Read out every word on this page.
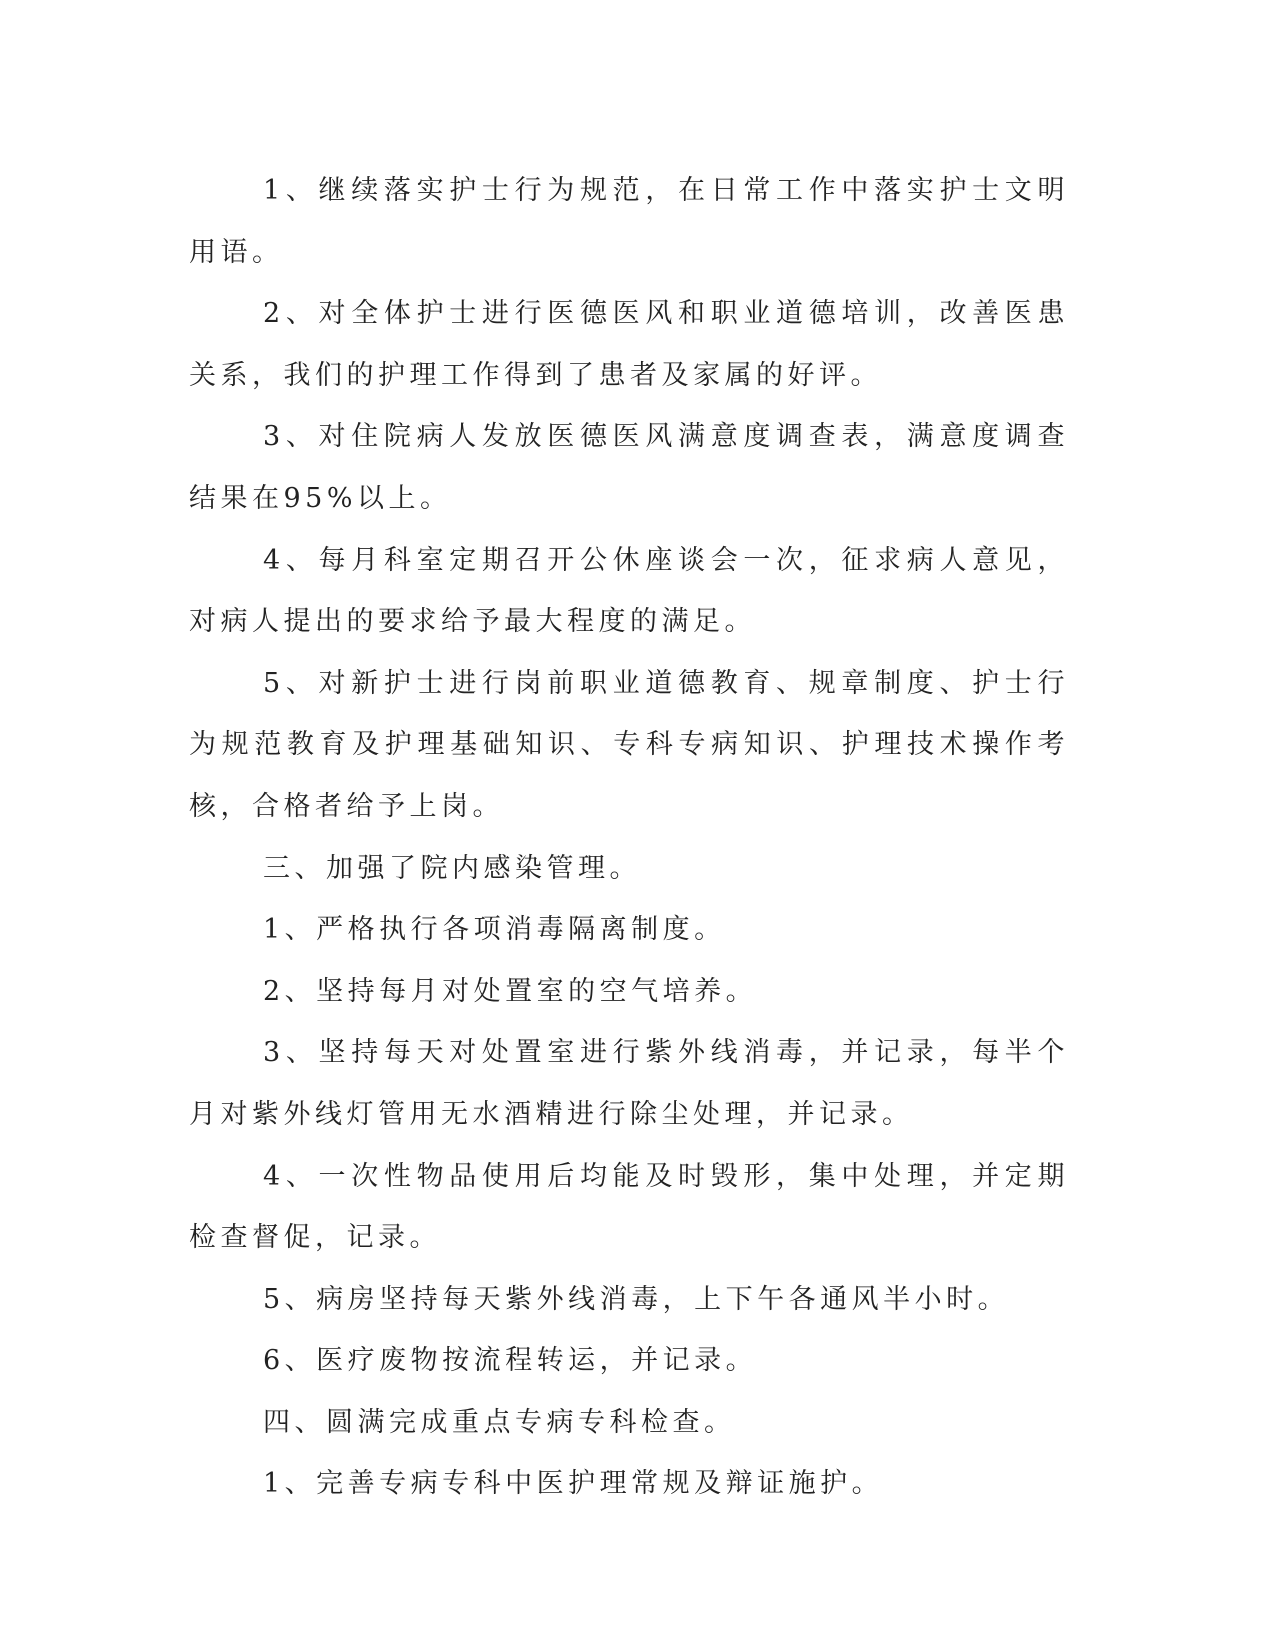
1、继续落实护士行为规范，在日常工作中落实护士文明用语。

2、对全体护士进行医德医风和职业道德培训，改善医患关系，我们的护理工作得到了患者及家属的好评。

3、对住院病人发放医德医风满意度调查表，满意度调查结果在95%以上。

4、每月科室定期召开公休座谈会一次，征求病人意见，对病人提出的要求给予最大程度的满足。

5、对新护士进行岗前职业道德教育、规章制度、护士行为规范教育及护理基础知识、专科专病知识、护理技术操作考核，合格者给予上岗。

三、加强了院内感染管理。

1、严格执行各项消毒隔离制度。

2、坚持每月对处置室的空气培养。

3、坚持每天对处置室进行紫外线消毒，并记录，每半个月对紫外线灯管用无水酒精进行除尘处理，并记录。

4、一次性物品使用后均能及时毁形，集中处理，并定期检查督促，记录。

5、病房坚持每天紫外线消毒，上下午各通风半小时。

6、医疗废物按流程转运，并记录。

四、圆满完成重点专病专科检查。

1、完善专病专科中医护理常规及辩证施护。
